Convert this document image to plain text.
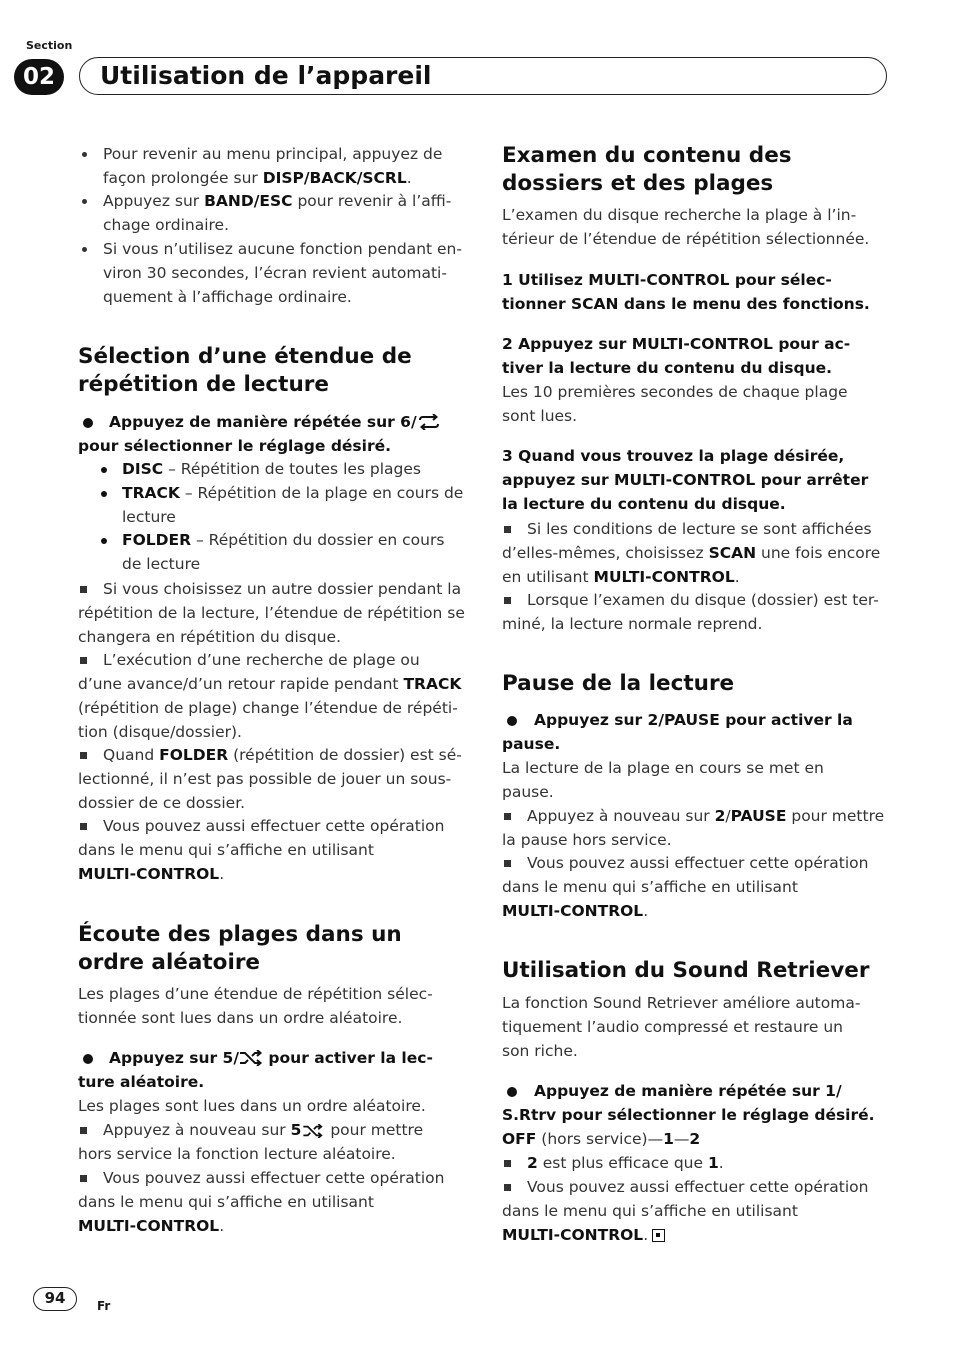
Section
02	Utilisation de l’appareil

Pour revenir au menu principal, appuyez de
façon prolongée sur DISP/BACK/SCRL.

Appuyez sur BAND/ESC pour revenir à l’affi-
chage ordinaire.

Si vous n’utilisez aucune fonction pendant en-
viron 30 secondes, l’écran revient automati-
quement à l’affichage ordinaire.

Sélection d’une étendue de
répétition de lecture

Appuyez de manière répétée sur 6/
pour sélectionner le réglage désiré.

DISC – Répétition de toutes les plages

TRACK – Répétition de la plage en cours de
lecture

FOLDER – Répétition du dossier en cours
de lecture

Si vous choisissez un autre dossier pendant la
répétition de la lecture, l’étendue de répétition se
changera en répétition du disque.

L’exécution d’une recherche de plage ou
d’une avance/d’un retour rapide pendant TRACK
(répétition de plage) change l’étendue de répéti-
tion (disque/dossier).

Quand FOLDER (répétition de dossier) est sé-
lectionné, il n’est pas possible de jouer un sous-
dossier de ce dossier.

Vous pouvez aussi effectuer cette opération
dans le menu qui s’affiche en utilisant
MULTI-CONTROL.

Écoute des plages dans un
ordre aléatoire

Les plages d’une étendue de répétition sélec-
tionnée sont lues dans un ordre aléatoire.

Appuyez sur 5/ pour activer la lec-
ture aléatoire.

Les plages sont lues dans un ordre aléatoire.

Appuyez à nouveau sur 5 pour mettre
hors service la fonction lecture aléatoire.

Vous pouvez aussi effectuer cette opération
dans le menu qui s’affiche en utilisant
MULTI-CONTROL.

Examen du contenu des
dossiers et des plages

L’examen du disque recherche la plage à l’in-
térieur de l’étendue de répétition sélectionnée.

1 Utilisez MULTI-CONTROL pour sélec-
tionner SCAN dans le menu des fonctions.

2 Appuyez sur MULTI-CONTROL pour ac-
tiver la lecture du contenu du disque.

Les 10 premières secondes de chaque plage
sont lues.

3 Quand vous trouvez la plage désirée,
appuyez sur MULTI-CONTROL pour arrêter
la lecture du contenu du disque.

Si les conditions de lecture se sont affichées
d’elles-mêmes, choisissez SCAN une fois encore
en utilisant MULTI-CONTROL.

Lorsque l’examen du disque (dossier) est ter-
miné, la lecture normale reprend.

Pause de la lecture

Appuyez sur 2/PAUSE pour activer la
pause.

La lecture de la plage en cours se met en
pause.

Appuyez à nouveau sur 2/PAUSE pour mettre
la pause hors service.

Vous pouvez aussi effectuer cette opération
dans le menu qui s’affiche en utilisant
MULTI-CONTROL.

Utilisation du Sound Retriever

La fonction Sound Retriever améliore automa-
tiquement l’audio compressé et restaure un
son riche.

Appuyez de manière répétée sur 1/
S.Rtrv pour sélectionner le réglage désiré.

OFF (hors service)—1—2

2 est plus efficace que 1.

Vous pouvez aussi effectuer cette opération
dans le menu qui s’affiche en utilisant
MULTI-CONTROL.

94	Fr
